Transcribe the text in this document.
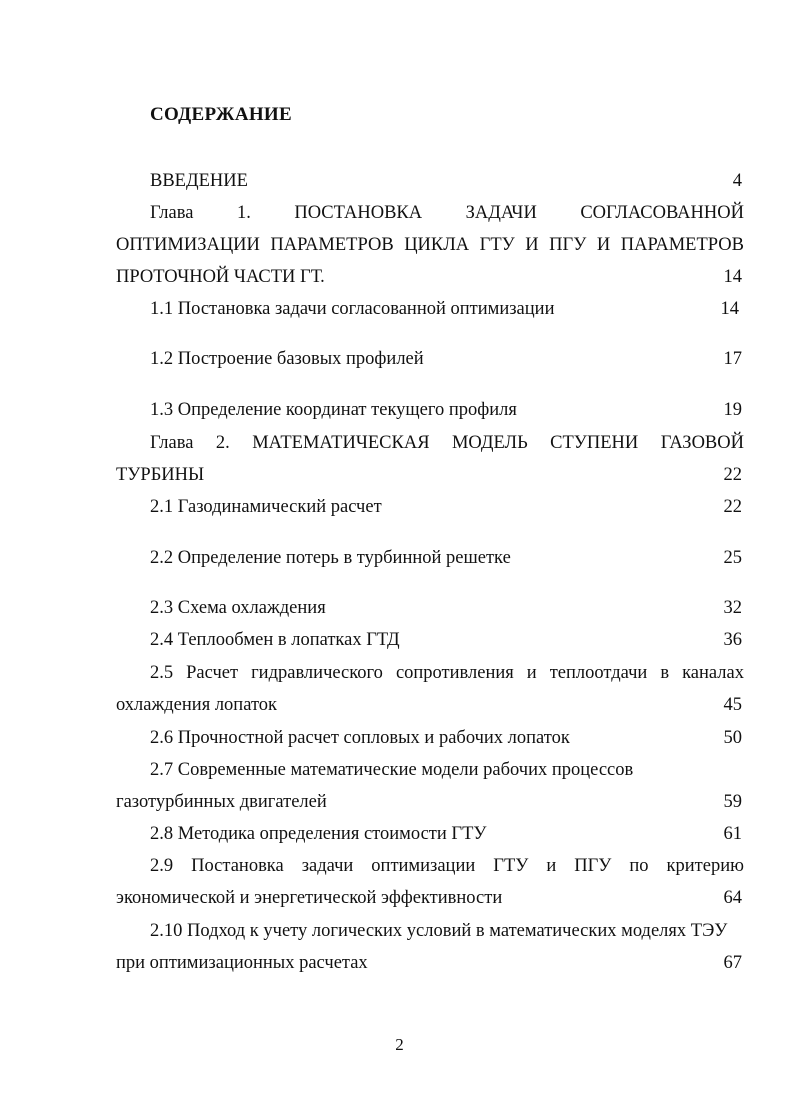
СОДЕРЖАНИЕ
ВВЕДЕНИЕ	4
Глава 1. ПОСТАНОВКА ЗАДАЧИ СОГЛАСОВАННОЙ
ОПТИМИЗАЦИИ ПАРАМЕТРОВ ЦИКЛА ГТУ И ПГУ И ПАРАМЕТРОВ
ПРОТОЧНОЙ ЧАСТИ ГТ.	14
1.1 Постановка задачи согласованной оптимизации	14
1.2 Построение базовых профилей	17
1.3 Определение координат текущего профиля	19
Глава 2. МАТЕМАТИЧЕСКАЯ МОДЕЛЬ СТУПЕНИ ГАЗОВОЙ
ТУРБИНЫ	22
2.1 Газодинамический расчет	22
2.2 Определение потерь в турбинной решетке	25
2.3 Схема охлаждения	32
2.4 Теплообмен в лопатках ГТД	36
2.5 Расчет гидравлического сопротивления и теплоотдачи в каналах
охлаждения лопаток	45
2.6 Прочностной расчет сопловых и рабочих лопаток	50
2.7 Современные математические модели рабочих процессов
газотурбинных двигателей	59
2.8 Методика определения стоимости ГТУ	61
2.9 Постановка задачи оптимизации ГТУ и ПГУ по критерию
экономической и энергетической эффективности	64
2.10 Подход к учету логических условий в математических моделях ТЭУ
при оптимизационных расчетах	67
2
